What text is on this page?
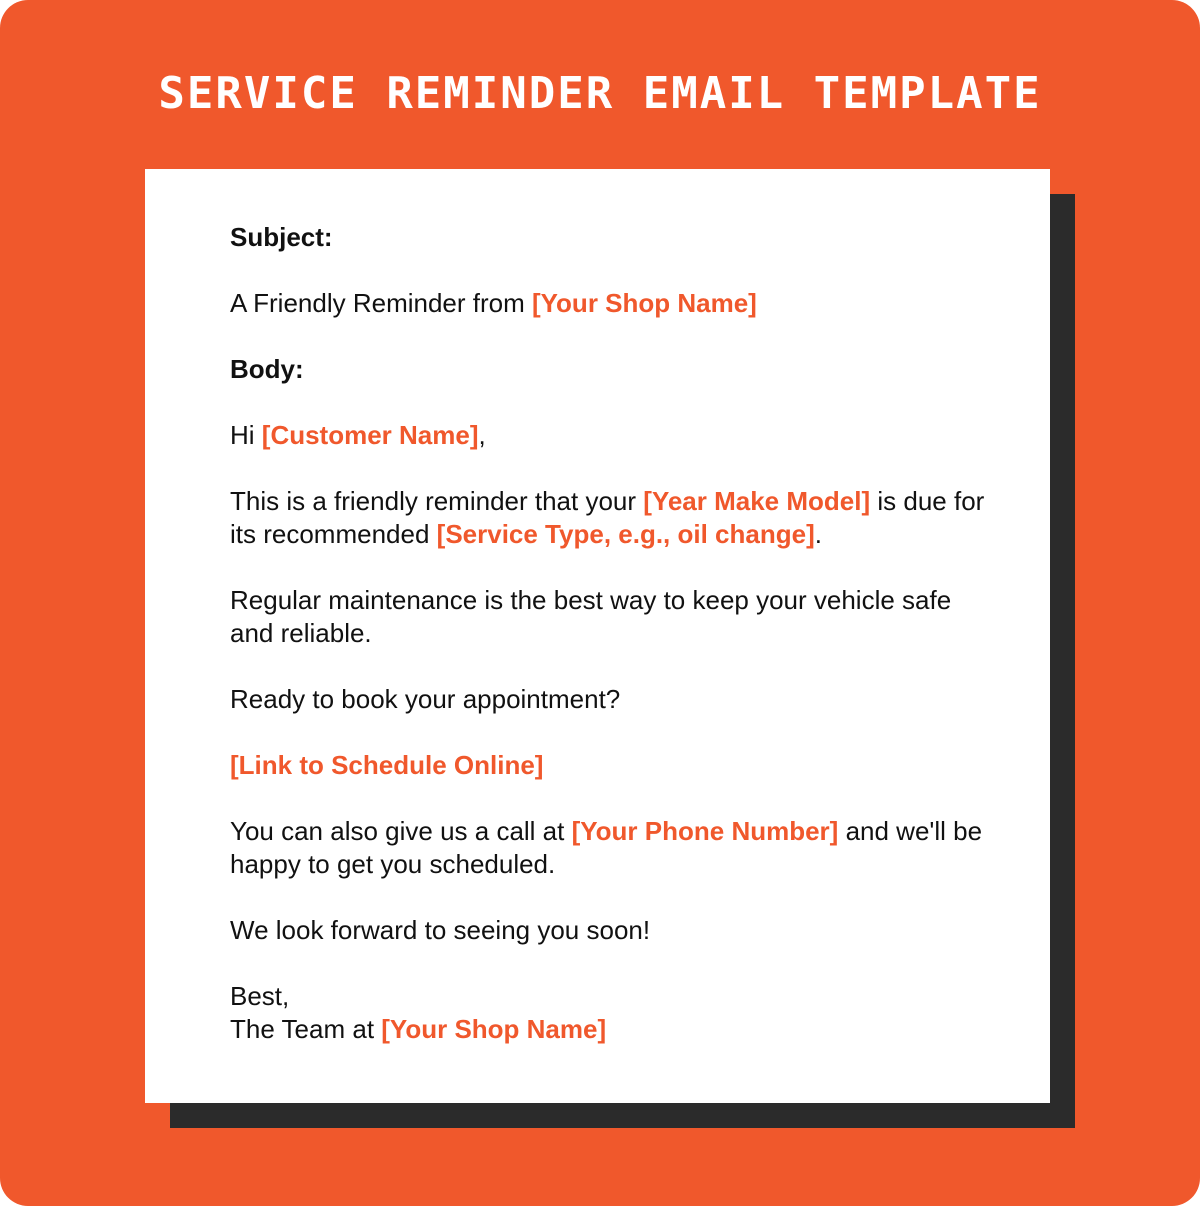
SERVICE REMINDER EMAIL TEMPLATE

Subject:

A Friendly Reminder from [Your Shop Name]

Body:

Hi [Customer Name],

This is a friendly reminder that your [Year Make Model] is due for its recommended [Service Type, e.g., oil change].

Regular maintenance is the best way to keep your vehicle safe and reliable.

Ready to book your appointment?

[Link to Schedule Online]

You can also give us a call at [Your Phone Number] and we'll be happy to get you scheduled.

We look forward to seeing you soon!

Best,
The Team at [Your Shop Name]
